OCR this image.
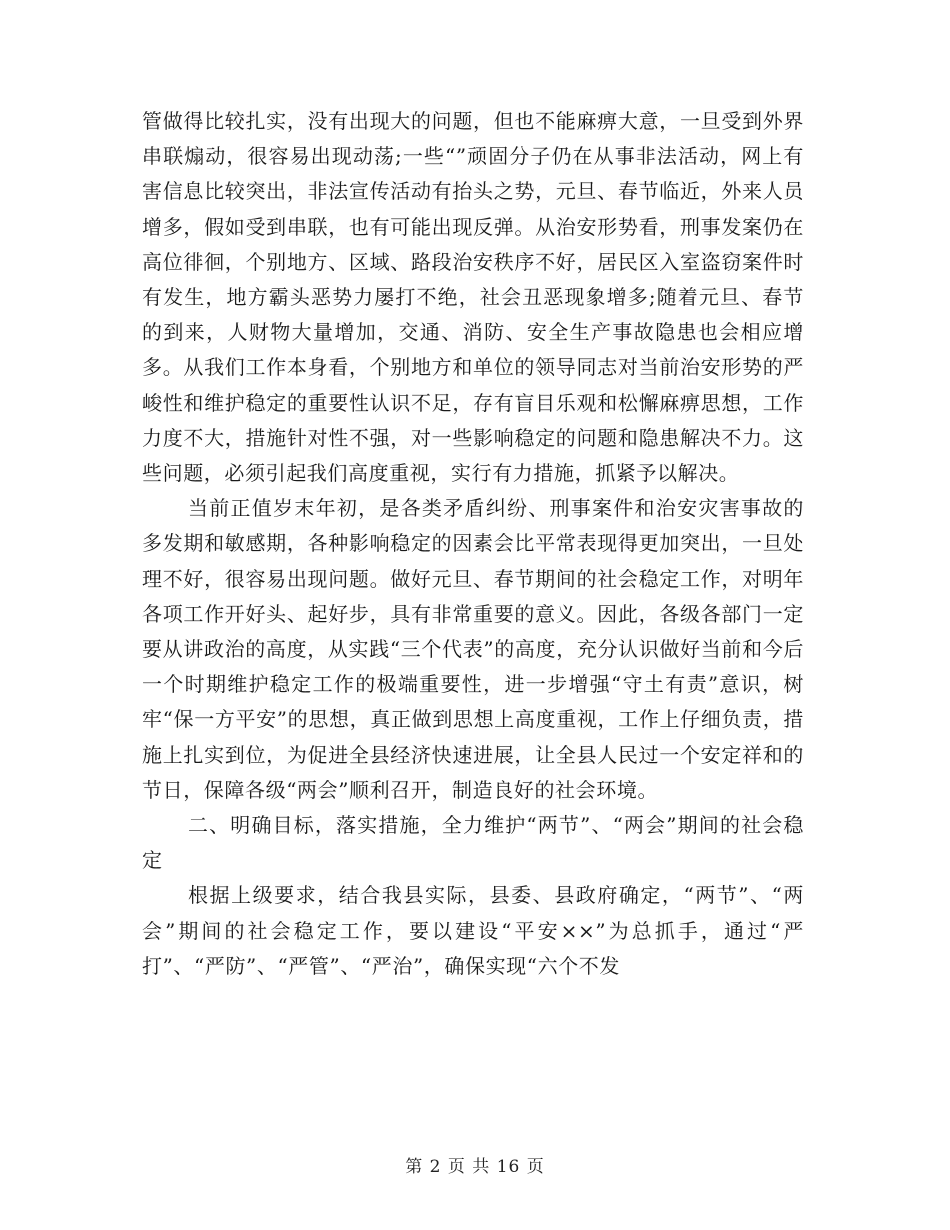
管做得比较扎实，没有出现大的问题，但也不能麻痹大意，一旦受到外界串联煽动，很容易出现动荡;一些“”顽固分子仍在从事非法活动，网上有害信息比较突出，非法宣传活动有抬头之势，元旦、春节临近，外来人员增多，假如受到串联，也有可能出现反弹。从治安形势看，刑事发案仍在高位徘徊，个别地方、区域、路段治安秩序不好，居民区入室盗窃案件时有发生，地方霸头恶势力屡打不绝，社会丑恶现象增多;随着元旦、春节的到来，人财物大量增加，交通、消防、安全生产事故隐患也会相应增多。从我们工作本身看，个别地方和单位的领导同志对当前治安形势的严峻性和维护稳定的重要性认识不足，存有盲目乐观和松懈麻痹思想，工作力度不大，措施针对性不强，对一些影响稳定的问题和隐患解决不力。这些问题，必须引起我们高度重视，实行有力措施，抓紧予以解决。

当前正值岁末年初，是各类矛盾纠纷、刑事案件和治安灾害事故的多发期和敏感期，各种影响稳定的因素会比平常表现得更加突出，一旦处理不好，很容易出现问题。做好元旦、春节期间的社会稳定工作，对明年各项工作开好头、起好步，具有非常重要的意义。因此，各级各部门一定要从讲政治的高度，从实践“三个代表”的高度，充分认识做好当前和今后一个时期维护稳定工作的极端重要性，进一步增强“守土有责”意识，树牢“保一方平安”的思想，真正做到思想上高度重视，工作上仔细负责，措施上扎实到位，为促进全县经济快速进展，让全县人民过一个安定祥和的节日，保障各级“两会”顺利召开，制造良好的社会环境。

二、明确目标，落实措施，全力维护“两节”、“两会”期间的社会稳定

根据上级要求，结合我县实际，县委、县政府确定，“两节”、“两会”期间的社会稳定工作，要以建设“平安××”为总抓手，通过“严打”、“严防”、“严管”、“严治”，确保实现“六个不发

第 2 页 共 16 页
